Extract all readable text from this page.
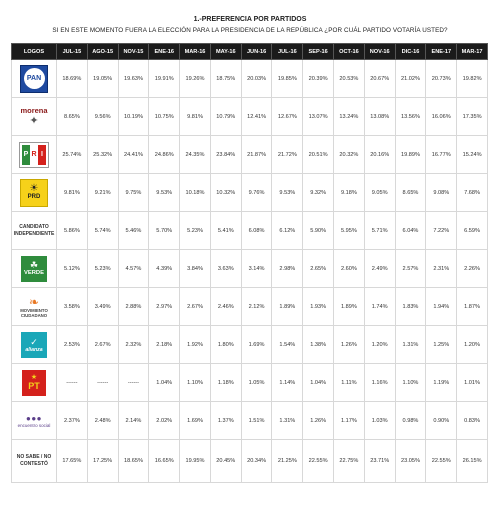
1.-PREFERENCIA POR PARTIDOS
SI EN ESTE MOMENTO FUERA LA ELECCIÓN PARA LA PRESIDENCIA DE LA REPÚBLICA ¿POR CUÁL PARTIDO VOTARÍA USTED?
LOGOS	JUL-15	AGO-15	NOV-15	ENE-16	MAR-16	MAY-16	JUN-16	JUL-16	SEP-16	OCT-16	NOV-16	DIC-16	ENE-17	MAR-17

PAN	18.69%	19.05%	19.63%	19.91%	19.26%	18.75%	20.03%	19.85%	20.39%	20.53%	20.67%	21.02%	20.73%	19.82%

morena
✦	8.65%	9.56%	10.19%	10.75%	9.81%	10.79%	12.41%	12.67%	13.07%	13.24%	13.08%	13.56%	16.06%	17.35%

P R I	25.74%	25.32%	24.41%	24.86%	24.35%	23.84%	21.87%	21.72%	20.51%	20.32%	20.16%	19.89%	16.77%	15.24%

☀
PRD	9.81%	9.21%	9.75%	9.53%	10.18%	10.32%	9.76%	9.53%	9.32%	9.18%	9.05%	8.65%	9.08%	7.68%

CANDIDATO INDEPENDIENTE	5.86%	5.74%	5.46%	5.70%	5.23%	5.41%	6.08%	6.12%	5.90%	5.95%	5.71%	6.04%	7.22%	6.59%

☘
VERDE	5.12%	5.23%	4.57%	4.39%	3.84%	3.63%	3.14%	2.98%	2.65%	2.60%	2.49%	2.57%	2.31%	2.26%

❧
MOVIMIENTO CIUDADANO	3.58%	3.49%	2.88%	2.97%	2.67%	2.46%	2.12%	1.89%	1.93%	1.89%	1.74%	1.83%	1.94%	1.87%

✓
alianza	2.53%	2.67%	2.32%	2.18%	1.92%	1.80%	1.69%	1.54%	1.38%	1.26%	1.20%	1.31%	1.25%	1.20%

★
PT	------	------	------	1.04%	1.10%	1.18%	1.05%	1.14%	1.04%	1.11%	1.16%	1.10%	1.19%	1.01%

●●●
encuentro social	2.37%	2.48%	2.14%	2.02%	1.69%	1.37%	1.51%	1.31%	1.26%	1.17%	1.03%	0.98%	0.90%	0.83%

NO SABE / NO CONTESTÓ	17.65%	17.25%	18.65%	16.65%	19.95%	20.45%	20.34%	21.25%	22.55%	22.75%	23.71%	23.05%	22.55%	26.15%
